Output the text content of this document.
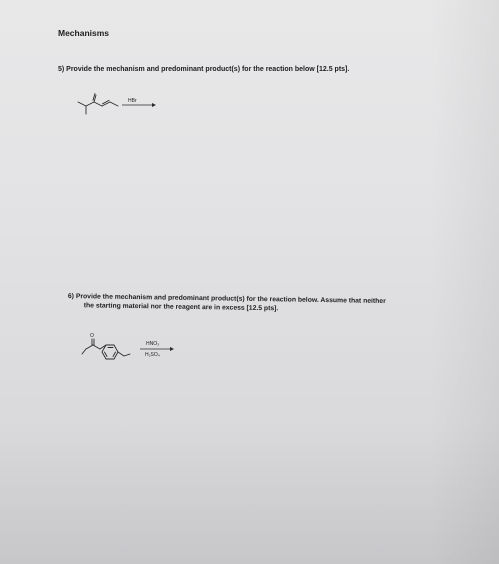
Mechanisms
5) Provide the mechanism and predominant product(s) for the reaction below [12.5 pts].
HBr
6) Provide the mechanism and predominant product(s) for the reaction below. Assume that neither
the starting material nor the reagent are in excess [12.5 pts].
O
HNO₃
H₂SO₄
